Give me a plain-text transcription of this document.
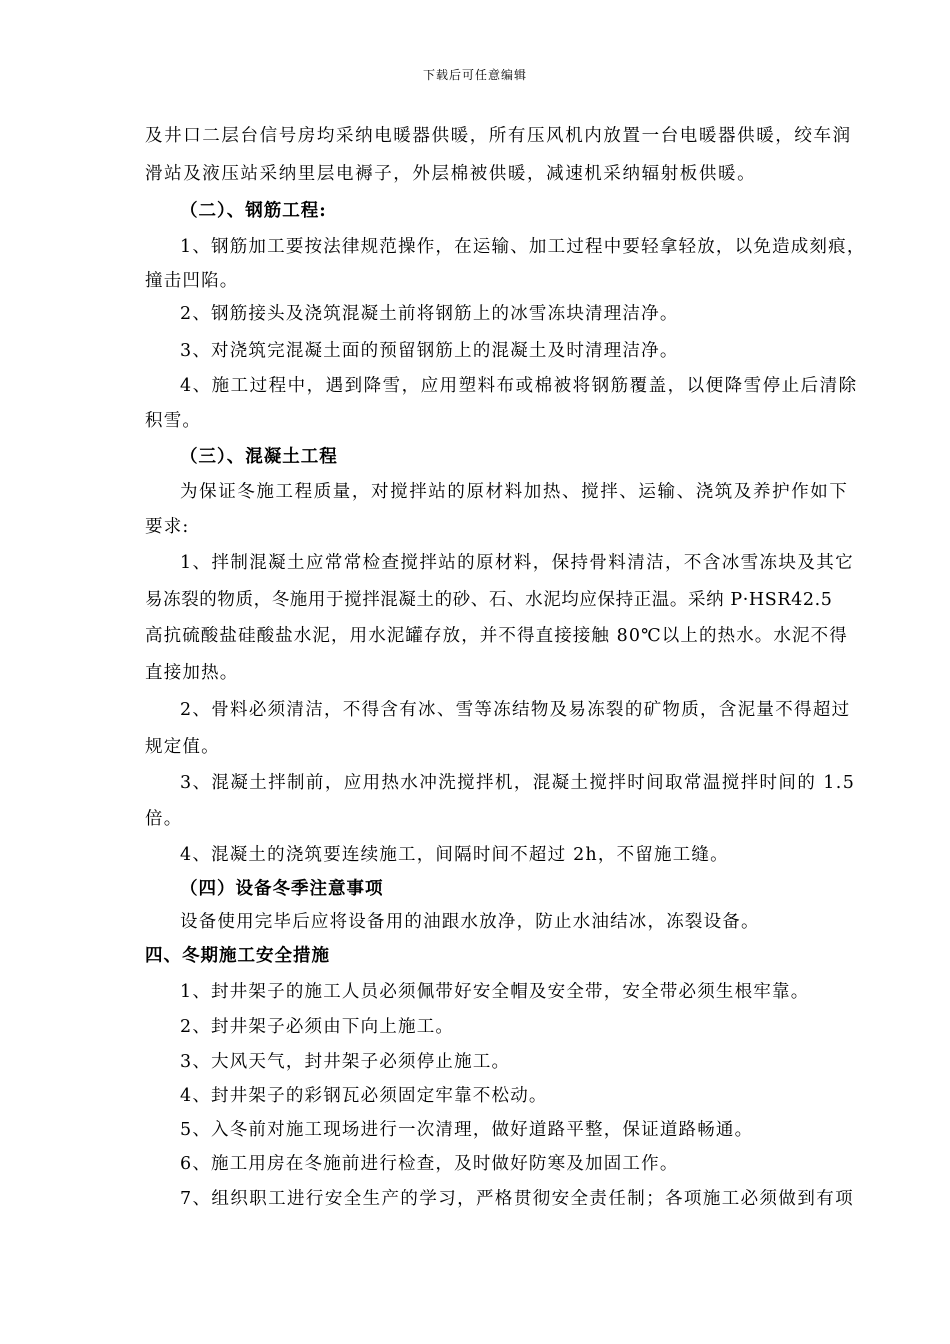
下载后可任意编辑
及井口二层台信号房均采纳电暖器供暖，所有压风机内放置一台电暖器供暖，绞车润
滑站及液压站采纳里层电褥子，外层棉被供暖，减速机采纳辐射板供暖。
（二）、钢筋工程:
1、钢筋加工要按法律规范操作，在运输、加工过程中要轻拿轻放，以免造成刻痕，
撞击凹陷。
2、钢筋接头及浇筑混凝土前将钢筋上的冰雪冻块清理洁净。
3、对浇筑完混凝土面的预留钢筋上的混凝土及时清理洁净。
4、施工过程中，遇到降雪，应用塑料布或棉被将钢筋覆盖，以便降雪停止后清除
积雪。
（三）、混凝土工程
为保证冬施工程质量，对搅拌站的原材料加热、搅拌、运输、浇筑及养护作如下
要求:
1、拌制混凝土应常常检查搅拌站的原材料，保持骨料清洁，不含冰雪冻块及其它
易冻裂的物质，冬施用于搅拌混凝土的砂、石、水泥均应保持正温。采纳 P·HSR42.5
高抗硫酸盐硅酸盐水泥，用水泥罐存放，并不得直接接触 80℃以上的热水。水泥不得
直接加热。
2、骨料必须清洁，不得含有冰、雪等冻结物及易冻裂的矿物质，含泥量不得超过
规定值。
3、混凝土拌制前，应用热水冲洗搅拌机，混凝土搅拌时间取常温搅拌时间的 1.5
倍。
4、混凝土的浇筑要连续施工，间隔时间不超过 2h，不留施工缝。
（四）设备冬季注意事项
设备使用完毕后应将设备用的油跟水放净，防止水油结冰，冻裂设备。
四、冬期施工安全措施
1、封井架子的施工人员必须佩带好安全帽及安全带，安全带必须生根牢靠。
2、封井架子必须由下向上施工。
3、大风天气，封井架子必须停止施工。
4、封井架子的彩钢瓦必须固定牢靠不松动。
5、入冬前对施工现场进行一次清理，做好道路平整，保证道路畅通。
6、施工用房在冬施前进行检查，及时做好防寒及加固工作。
7、组织职工进行安全生产的学习，严格贯彻安全责任制；各项施工必须做到有项
